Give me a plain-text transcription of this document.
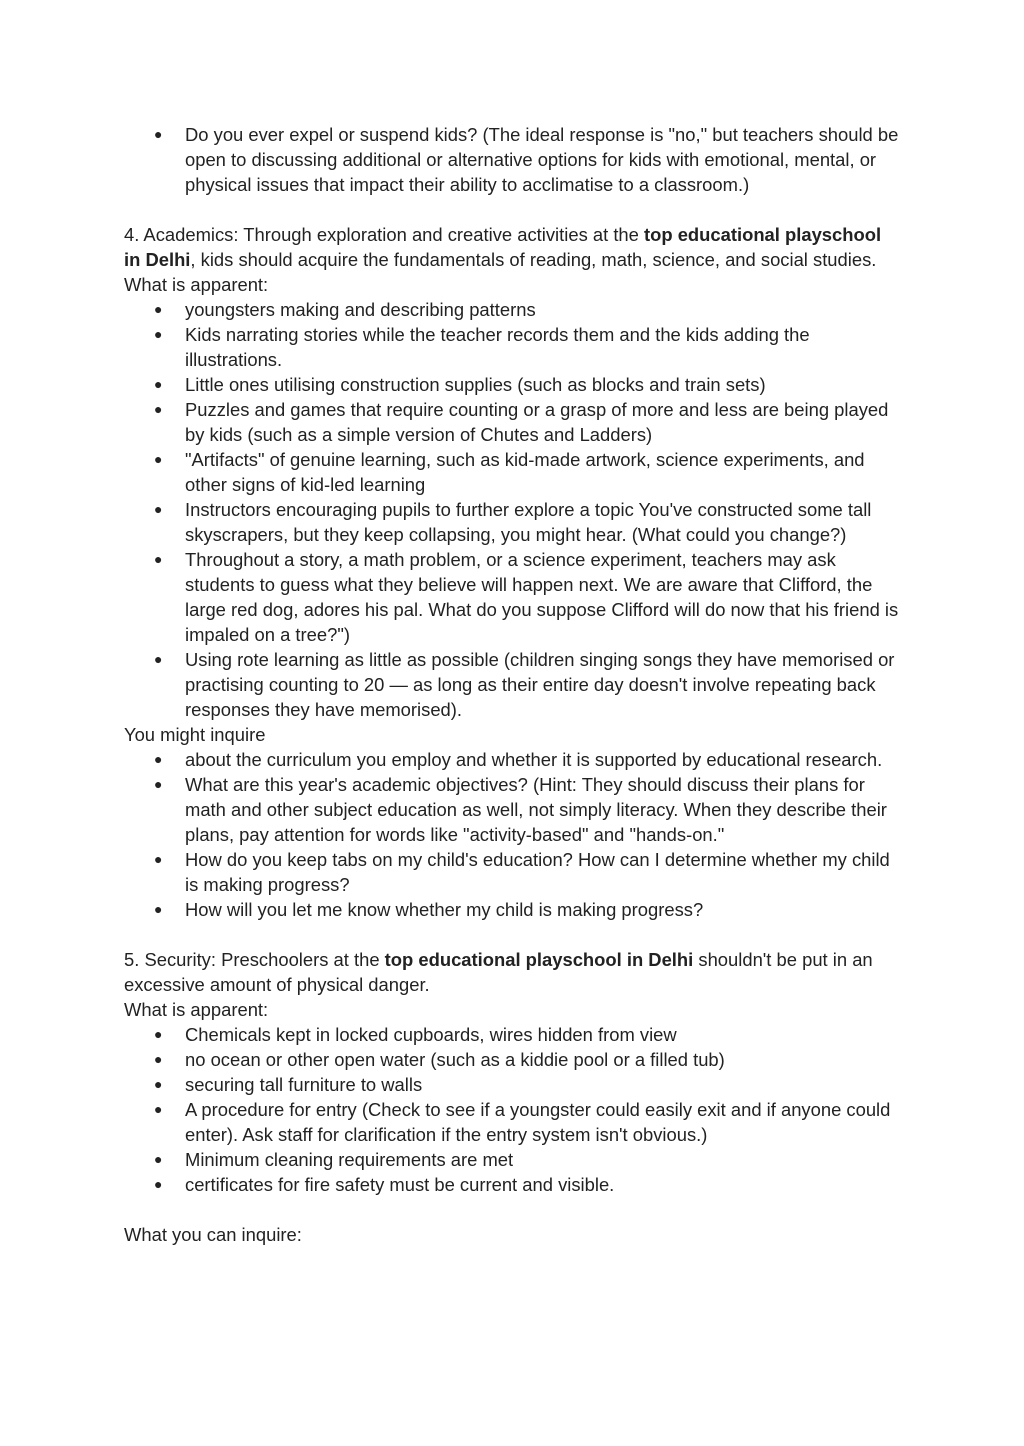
● Do you ever expel or suspend kids? (The ideal response is "no," but teachers should be open to discussing additional or alternative options for kids with emotional, mental, or physical issues that impact their ability to acclimatise to a classroom.)

4. Academics: Through exploration and creative activities at the top educational playschool in Delhi, kids should acquire the fundamentals of reading, math, science, and social studies.

What is apparent:

● youngsters making and describing patterns
● Kids narrating stories while the teacher records them and the kids adding the illustrations.
● Little ones utilising construction supplies (such as blocks and train sets)
● Puzzles and games that require counting or a grasp of more and less are being played by kids (such as a simple version of Chutes and Ladders)
● "Artifacts" of genuine learning, such as kid-made artwork, science experiments, and other signs of kid-led learning
● Instructors encouraging pupils to further explore a topic You've constructed some tall skyscrapers, but they keep collapsing, you might hear. (What could you change?)
● Throughout a story, a math problem, or a science experiment, teachers may ask students to guess what they believe will happen next. We are aware that Clifford, the large red dog, adores his pal. What do you suppose Clifford will do now that his friend is impaled on a tree?")
● Using rote learning as little as possible (children singing songs they have memorised or practising counting to 20 — as long as their entire day doesn't involve repeating back responses they have memorised).

You might inquire

● about the curriculum you employ and whether it is supported by educational research.
● What are this year's academic objectives? (Hint: They should discuss their plans for math and other subject education as well, not simply literacy. When they describe their plans, pay attention for words like "activity-based" and "hands-on."
● How do you keep tabs on my child's education? How can I determine whether my child is making progress?
● How will you let me know whether my child is making progress?

5. Security: Preschoolers at the top educational playschool in Delhi shouldn't be put in an excessive amount of physical danger.

What is apparent:

● Chemicals kept in locked cupboards, wires hidden from view
● no ocean or other open water (such as a kiddie pool or a filled tub)
● securing tall furniture to walls
● A procedure for entry (Check to see if a youngster could easily exit and if anyone could enter). Ask staff for clarification if the entry system isn't obvious.)
● Minimum cleaning requirements are met
● certificates for fire safety must be current and visible.

What you can inquire:
